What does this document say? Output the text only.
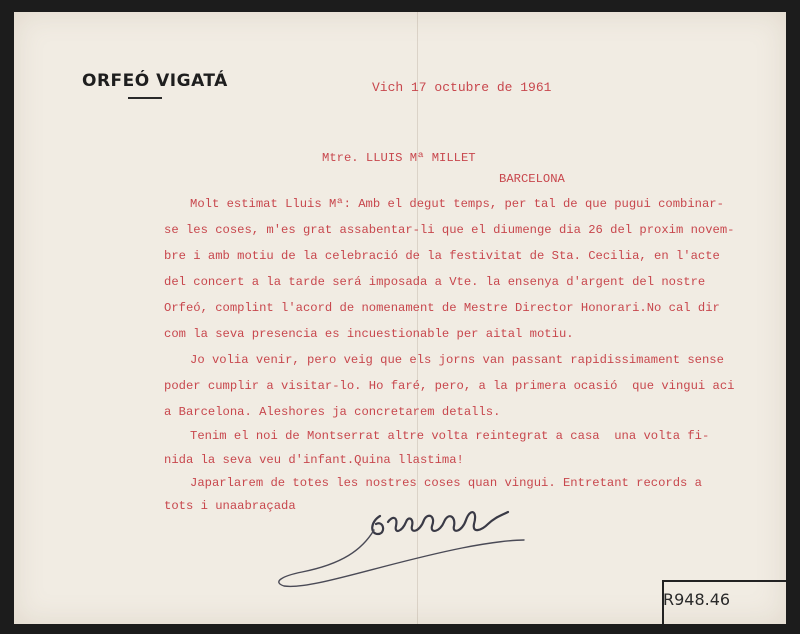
ORFEÓ VIGATÁ	Vich 17 octubre de 1961
Mtre. LLUIS Mª MILLET
BARCELONA
Molt estimat Lluis Mª: Amb el degut temps, per tal de que pugui combinar-
se les coses, m'es grat assabentar-li que el diumenge dia 26 del proxim novem-
bre i amb motiu de la celebració de la festivitat de Sta. Cecilia, en l'acte
del concert a la tarde será imposada a Vte. la ensenya d'argent del nostre
Orfeó, complint l'acord de nomenament de Mestre Director Honorari.No cal dir
com la seva presencia es incuestionable per aital motiu.
Jo volia venir, pero veig que els jorns van passant rapidissimament sense
poder cumplir a visitar-lo. Ho faré, pero, a la primera ocasió  que vingui aci
a Barcelona. Aleshores ja concretarem detalls.
Tenim el noi de Montserrat altre volta reintegrat a casa  una volta fi-
nida la seva veu d'infant.Quina llastima!
Japarlarem de totes les nostres coses quan vingui. Entretant records a
tots i unaabraçada
R948.46
